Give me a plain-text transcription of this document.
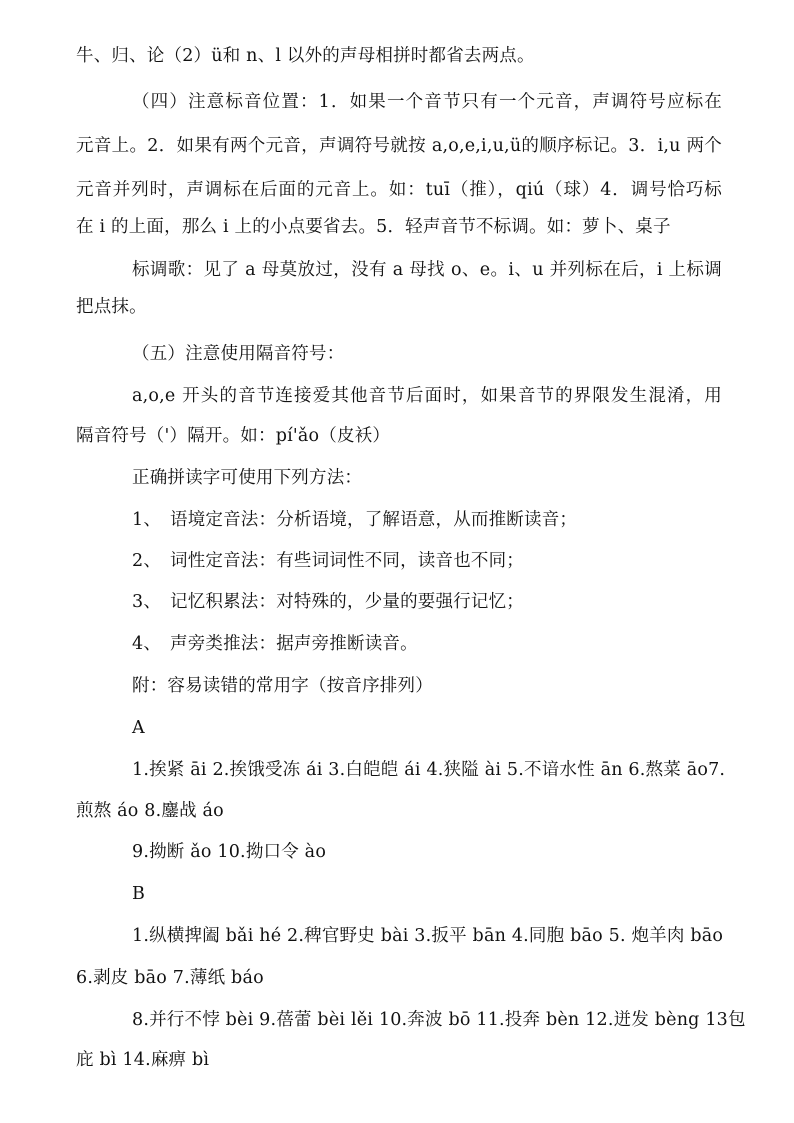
牛、归、论（2）ü和 n、l 以外的声母相拼时都省去两点。
（四）注意标音位置：1．如果一个音节只有一个元音，声调符号应标在
元音上。2．如果有两个元音，声调符号就按 a,o,e,i,u,ü的顺序标记。3．i,u 两个
元音并列时，声调标在后面的元音上。如：tuī（推），qiú（球）4．调号恰巧标
在 i 的上面，那么 i 上的小点要省去。5．轻声音节不标调。如：萝卜、桌子
标调歌：见了 a 母莫放过，没有 a 母找 o、e。i、u 并列标在后，i 上标调
把点抹。
（五）注意使用隔音符号：
a,o,e 开头的音节连接爱其他音节后面时，如果音节的界限发生混淆，用
隔音符号（'）隔开。如：pí'ǎo（皮袄）
正确拼读字可使用下列方法：
1、 语境定音法：分析语境，了解语意，从而推断读音；
2、 词性定音法：有些词词性不同，读音也不同；
3、 记忆积累法：对特殊的，少量的要强行记忆；
4、 声旁类推法：据声旁推断读音。
附：容易读错的常用字（按音序排列）
A
1.挨紧 āi 2.挨饿受冻 ái 3.白皑皑 ái 4.狭隘 ài 5.不谙水性 ān 6.熬菜 āo7.
煎熬 áo 8.鏖战 áo
9.拗断 ǎo 10.拗口令 ào
B
1.纵横捭阖 bǎi hé 2.稗官野史 bài 3.扳平 bān 4.同胞 bāo 5. 炮羊肉 bāo
6.剥皮 bāo 7.薄纸 báo
8.并行不悖 bèi 9.蓓蕾 bèi lěi 10.奔波 bō 11.投奔 bèn 12.迸发 bèng 13包
庇 bì 14.麻痹 bì
